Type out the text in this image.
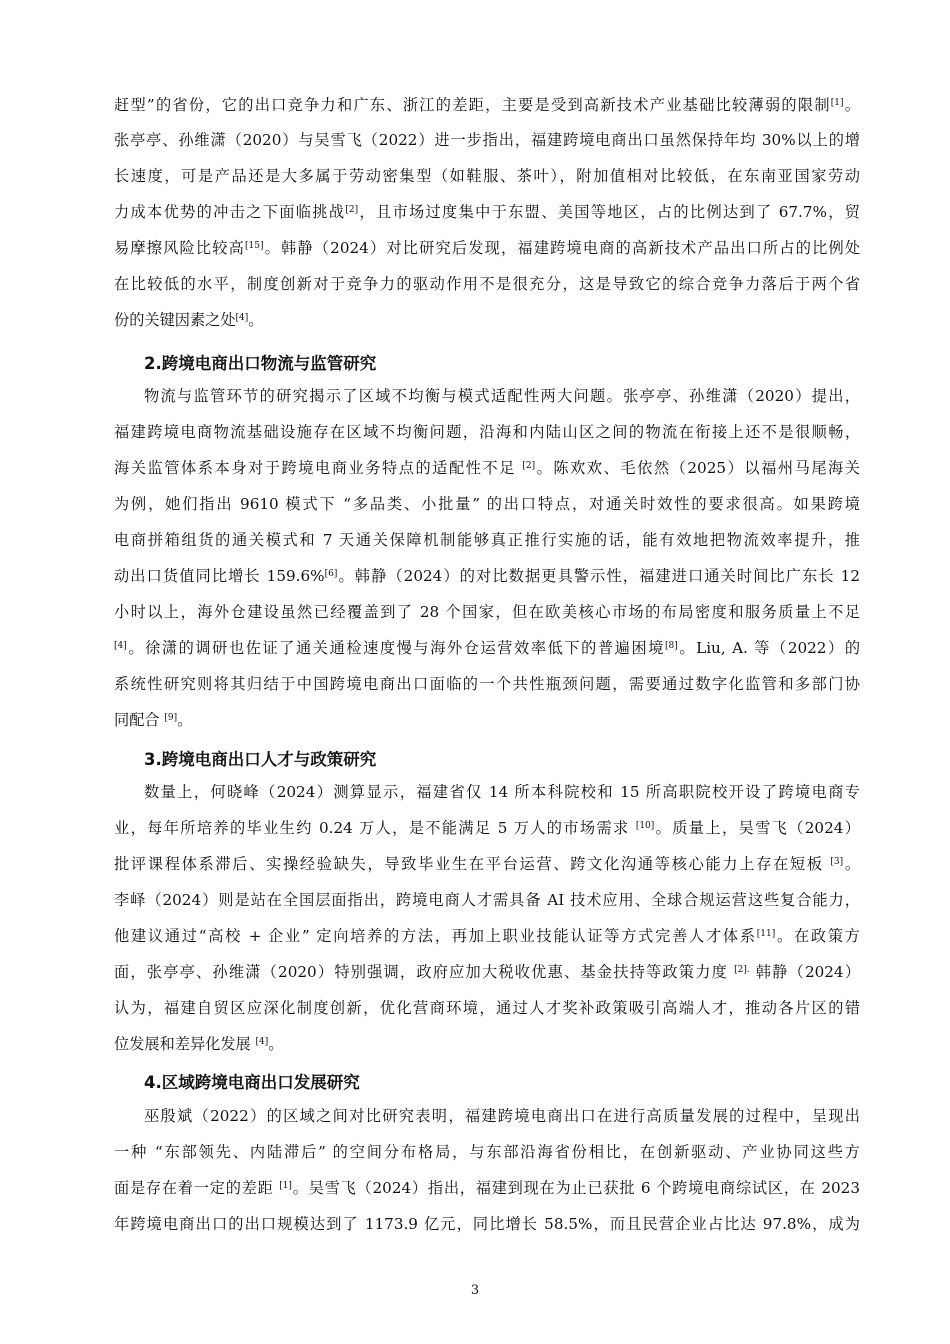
赶型”的省份，它的出口竞争力和广东、浙江的差距，主要是受到高新技术产业基础比较薄弱的限制[1]。
张亭亭、孙维潇（2020）与吴雪飞（2022）进一步指出，福建跨境电商出口虽然保持年均 30%以上的增
长速度，可是产品还是大多属于劳动密集型（如鞋服、茶叶），附加值相对比较低，在东南亚国家劳动
力成本优势的冲击之下面临挑战[2]，且市场过度集中于东盟、美国等地区，占的比例达到了 67.7%，贸
易摩擦风险比较高[15]。韩静（2024）对比研究后发现，福建跨境电商的高新技术产品出口所占的比例处
在比较低的水平，制度创新对于竞争力的驱动作用不是很充分，这是导致它的综合竞争力落后于两个省
份的关键因素之处[4]。
物流与监管环节的研究揭示了区域不均衡与模式适配性两大问题。张亭亭、孙维潇（2020）提出，
福建跨境电商物流基础设施存在区域不均衡问题，沿海和内陆山区之间的物流在衔接上还不是很顺畅，
海关监管体系本身对于跨境电商业务特点的适配性不足 [2]。陈欢欢、毛依然（2025）以福州马尾海关
为例，她们指出 9610 模式下 “多品类、小批量” 的出口特点，对通关时效性的要求很高。如果跨境
电商拼箱组货的通关模式和 7 天通关保障机制能够真正推行实施的话，能有效地把物流效率提升，推
动出口货值同比增长 159.6%[6]。韩静（2024）的对比数据更具警示性，福建进口通关时间比广东长 12
小时以上，海外仓建设虽然已经覆盖到了 28 个国家，但在欧美核心市场的布局密度和服务质量上不足
[4]。徐潇的调研也佐证了通关通检速度慢与海外仓运营效率低下的普遍困境[8]。Liu, A. 等（2022）的
系统性研究则将其归结于中国跨境电商出口面临的一个共性瓶颈问题，需要通过数字化监管和多部门协
同配合 [9]。
数量上，何晓峰（2024）测算显示，福建省仅 14 所本科院校和 15 所高职院校开设了跨境电商专
业，每年所培养的毕业生约 0.24 万人，是不能满足 5 万人的市场需求 [10]。质量上，吴雪飞（2024）
批评课程体系滞后、实操经验缺失，导致毕业生在平台运营、跨文化沟通等核心能力上存在短板 [3]。
李峄（2024）则是站在全国层面指出，跨境电商人才需具备 AI 技术应用、全球合规运营这些复合能力，
他建议通过“高校 + 企业” 定向培养的方法，再加上职业技能认证等方式完善人才体系[11]。在政策方
面，张亭亭、孙维潇（2020）特别强调，政府应加大税收优惠、基金扶持等政策力度 $^{[2].}$ 韩静（2024）
认为，福建自贸区应深化制度创新，优化营商环境，通过人才奖补政策吸引高端人才，推动各片区的错
位发展和差异化发展 [4]。
巫殷斌（2022）的区域之间对比研究表明，福建跨境电商出口在进行高质量发展的过程中，呈现出
一种 “东部领先、内陆滞后” 的空间分布格局，与东部沿海省份相比，在创新驱动、产业协同这些方
面是存在着一定的差距 [1]。吴雪飞（2024）指出，福建到现在为止已获批 6 个跨境电商综试区，在 2023
年跨境电商出口的出口规模达到了 1173.9 亿元，同比增长 58.5%，而且民营企业占比达 97.8%，成为
2.跨境电商出口物流与监管研究
3.跨境电商出口人才与政策研究
4.区域跨境电商出口发展研究
3
